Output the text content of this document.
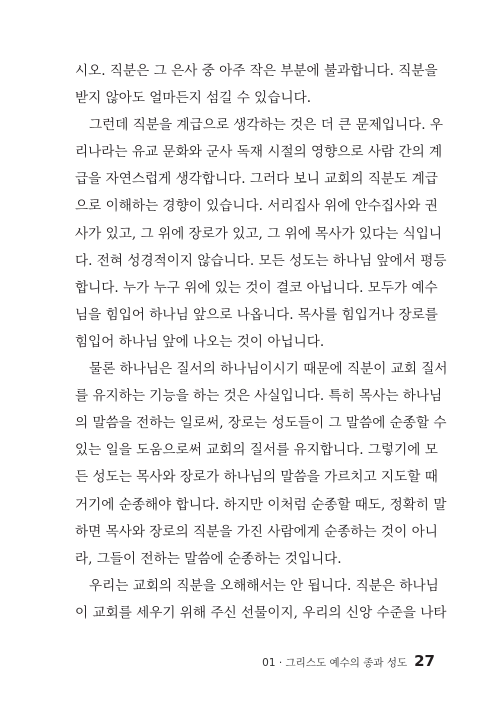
시오. 직분은 그 은사 중 아주 작은 부분에 불과합니다. 직분을
받지 않아도 얼마든지 섬길 수 있습니다.
그런데 직분을 계급으로 생각하는 것은 더 큰 문제입니다. 우
리나라는 유교 문화와 군사 독재 시절의 영향으로 사람 간의 계
급을 자연스럽게 생각합니다. 그러다 보니 교회의 직분도 계급
으로 이해하는 경향이 있습니다. 서리집사 위에 안수집사와 권
사가 있고, 그 위에 장로가 있고, 그 위에 목사가 있다는 식입니
다. 전혀 성경적이지 않습니다. 모든 성도는 하나님 앞에서 평등
합니다. 누가 누구 위에 있는 것이 결코 아닙니다. 모두가 예수
님을 힘입어 하나님 앞으로 나옵니다. 목사를 힘입거나 장로를
힘입어 하나님 앞에 나오는 것이 아닙니다.
물론 하나님은 질서의 하나님이시기 때문에 직분이 교회 질서
를 유지하는 기능을 하는 것은 사실입니다. 특히 목사는 하나님
의 말씀을 전하는 일로써, 장로는 성도들이 그 말씀에 순종할 수
있는 일을 도움으로써 교회의 질서를 유지합니다. 그렇기에 모
든 성도는 목사와 장로가 하나님의 말씀을 가르치고 지도할 때
거기에 순종해야 합니다. 하지만 이처럼 순종할 때도, 정확히 말
하면 목사와 장로의 직분을 가진 사람에게 순종하는 것이 아니
라, 그들이 전하는 말씀에 순종하는 것입니다.
우리는 교회의 직분을 오해해서는 안 됩니다. 직분은 하나님
이 교회를 세우기 위해 주신 선물이지, 우리의 신앙 수준을 나타
01 · 그리스도 예수의 종과 성도 27
